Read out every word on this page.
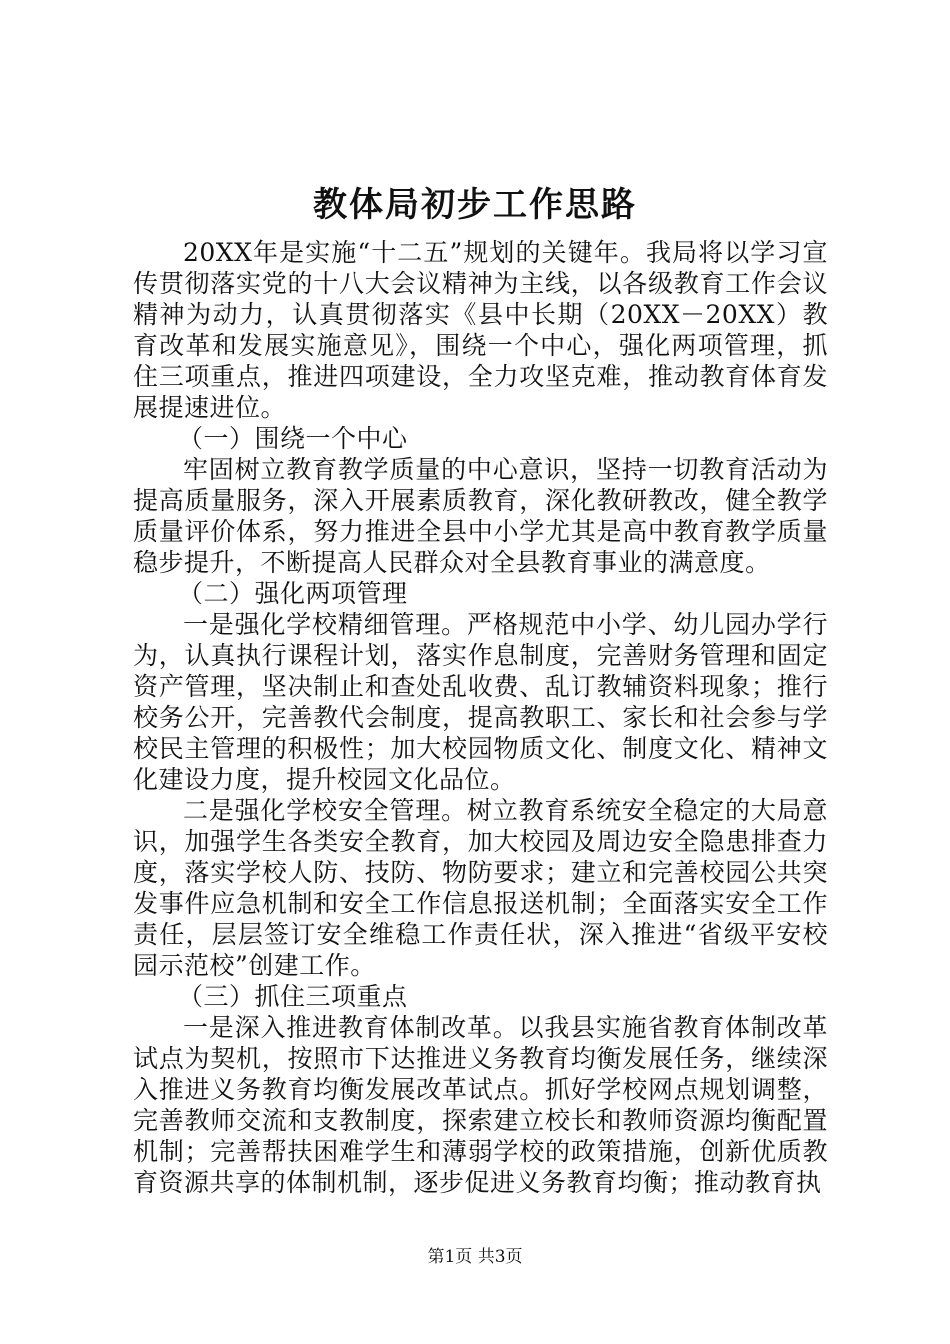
教体局初步工作思路

20XX年是实施“十二五”规划的关键年。我局将以学习宣传贯彻落实党的十八大会议精神为主线，以各级教育工作会议精神为动力，认真贯彻落实《县中长期（20XX－20XX）教育改革和发展实施意见》，围绕一个中心，强化两项管理，抓住三项重点，推进四项建设，全力攻坚克难，推动教育体育发展提速进位。

（一）围绕一个中心

牢固树立教育教学质量的中心意识，坚持一切教育活动为提高质量服务，深入开展素质教育，深化教研教改，健全教学质量评价体系，努力推进全县中小学尤其是高中教育教学质量稳步提升，不断提高人民群众对全县教育事业的满意度。

（二）强化两项管理

一是强化学校精细管理。严格规范中小学、幼儿园办学行为，认真执行课程计划，落实作息制度，完善财务管理和固定资产管理，坚决制止和查处乱收费、乱订教辅资料现象；推行校务公开，完善教代会制度，提高教职工、家长和社会参与学校民主管理的积极性；加大校园物质文化、制度文化、精神文化建设力度，提升校园文化品位。

二是强化学校安全管理。树立教育系统安全稳定的大局意识，加强学生各类安全教育，加大校园及周边安全隐患排查力度，落实学校人防、技防、物防要求；建立和完善校园公共突发事件应急机制和安全工作信息报送机制；全面落实安全工作责任，层层签订安全维稳工作责任状，深入推进“省级平安校园示范校”创建工作。

（三）抓住三项重点

一是深入推进教育体制改革。以我县实施省教育体制改革试点为契机，按照市下达推进义务教育均衡发展任务，继续深入推进义务教育均衡发展改革试点。抓好学校网点规划调整，完善教师交流和支教制度，探索建立校长和教师资源均衡配置机制；完善帮扶困难学生和薄弱学校的政策措施，创新优质教育资源共享的体制机制，逐步促进义务教育均衡；推动教育执

第1页 共3页
